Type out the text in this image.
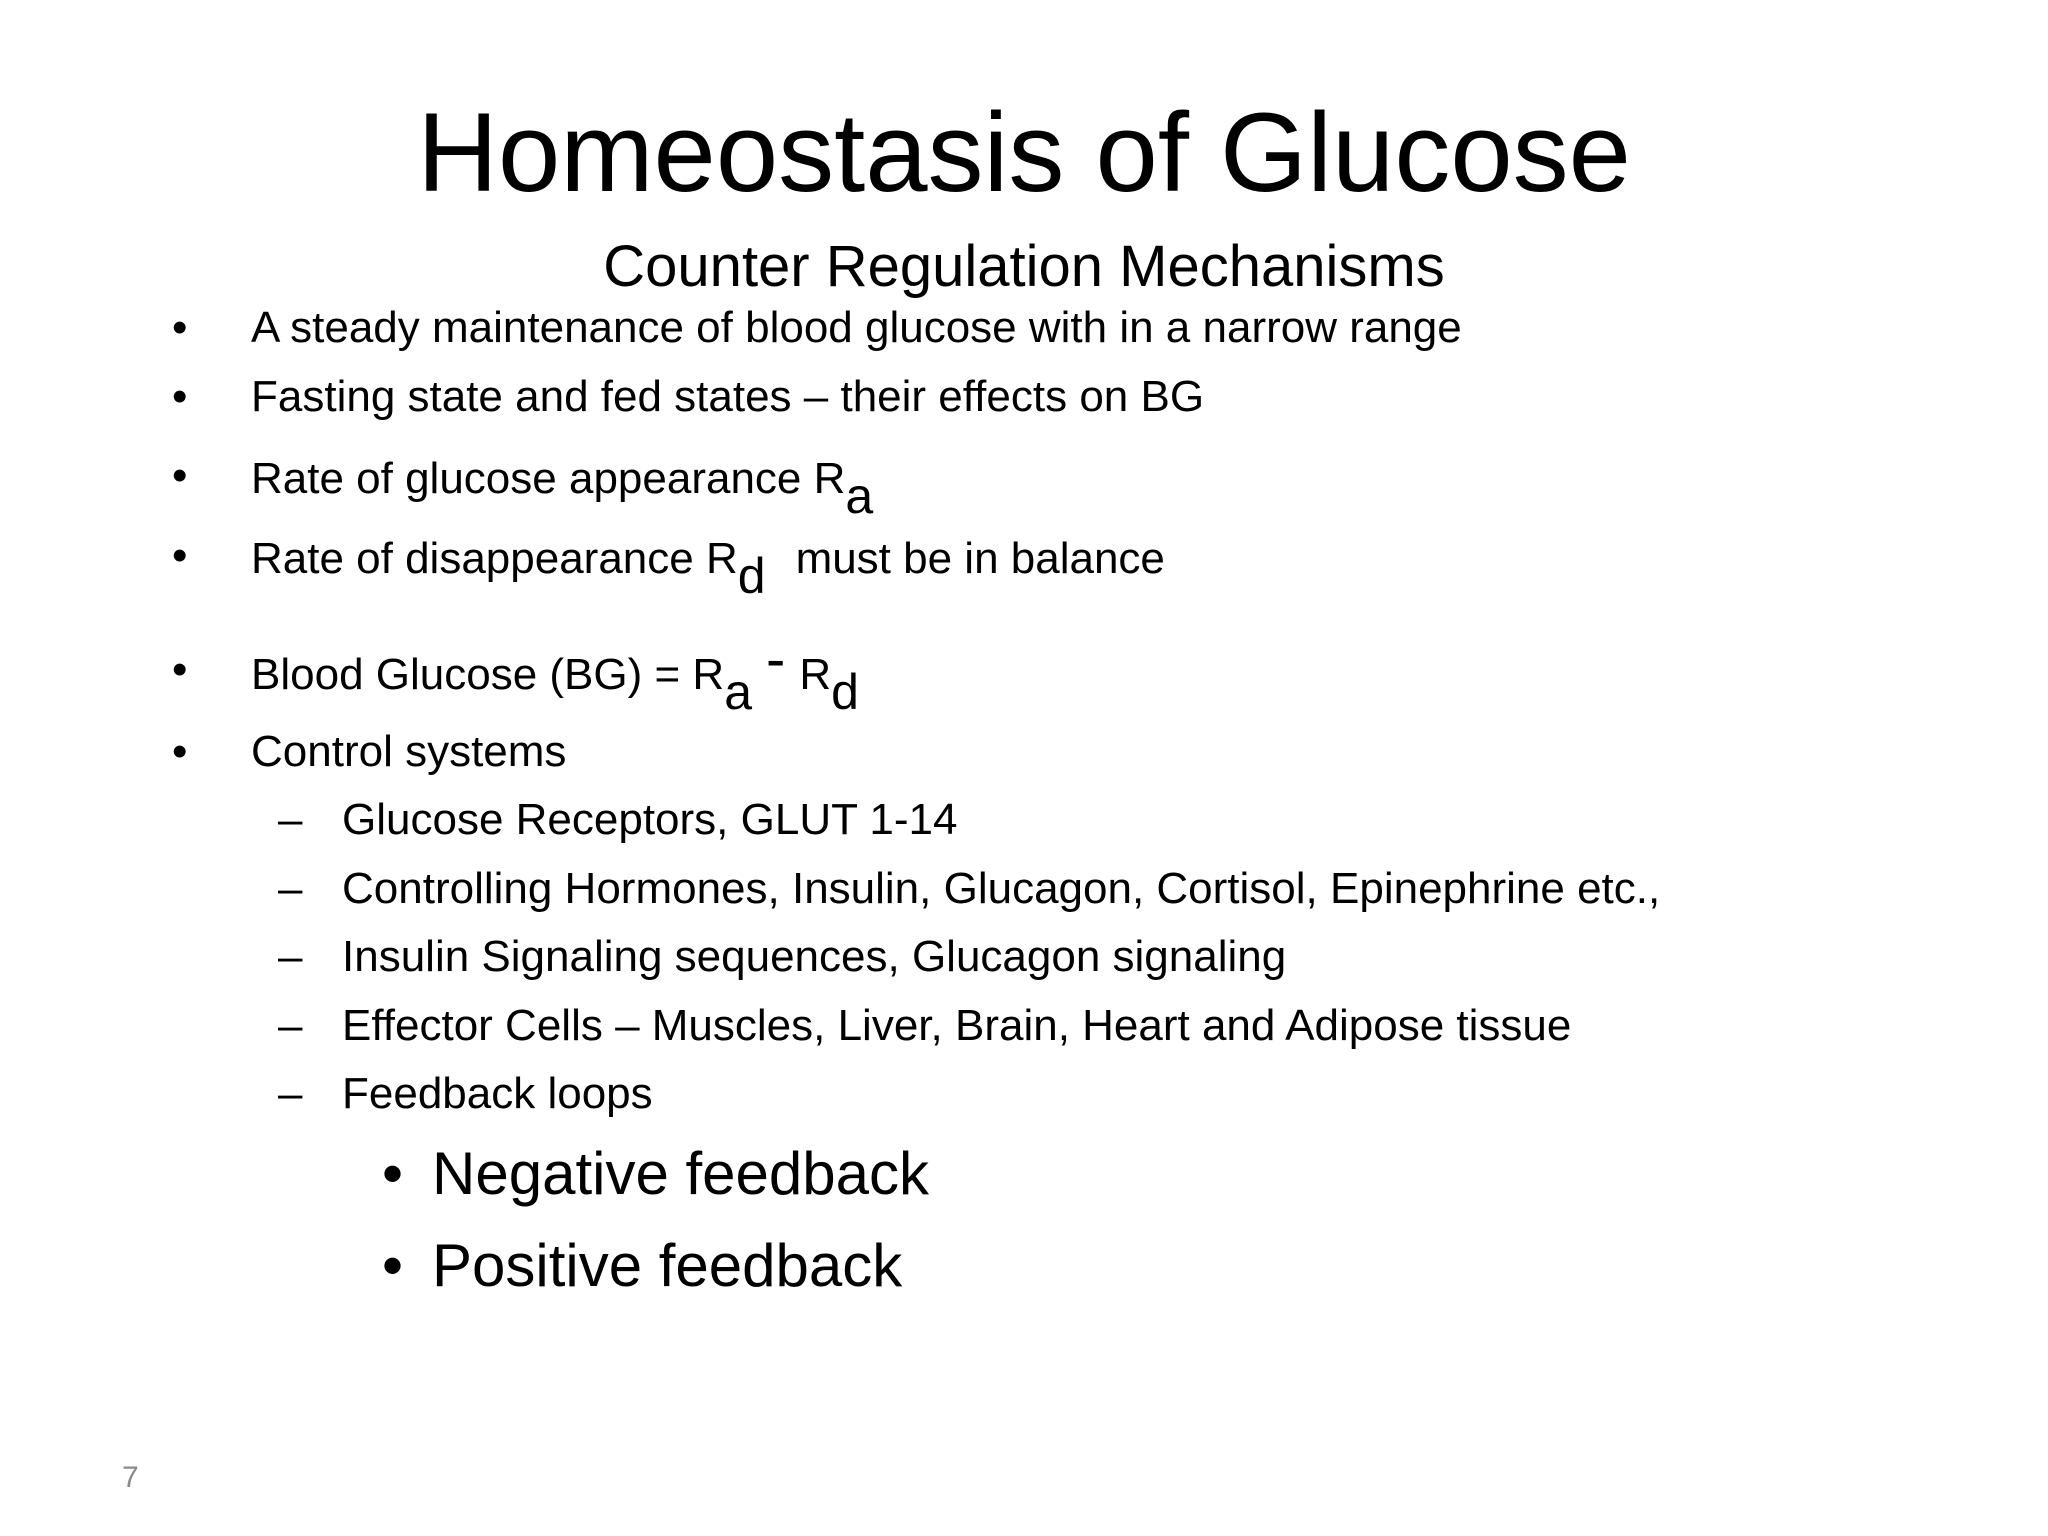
Homeostasis of Glucose
Counter Regulation Mechanisms
• A steady maintenance of blood glucose with in a narrow range
• Fasting state and fed states – their effects on BG
• Rate of glucose appearance Ra
• Rate of disappearance Rd must be in balance
• Blood Glucose (BG) = Ra - Rd
• Control systems
– Glucose Receptors, GLUT 1-14
– Controlling Hormones, Insulin, Glucagon, Cortisol, Epinephrine etc.,
– Insulin Signaling sequences, Glucagon signaling
– Effector Cells – Muscles, Liver, Brain, Heart and Adipose tissue
– Feedback loops
• Negative feedback
• Positive feedback
7
